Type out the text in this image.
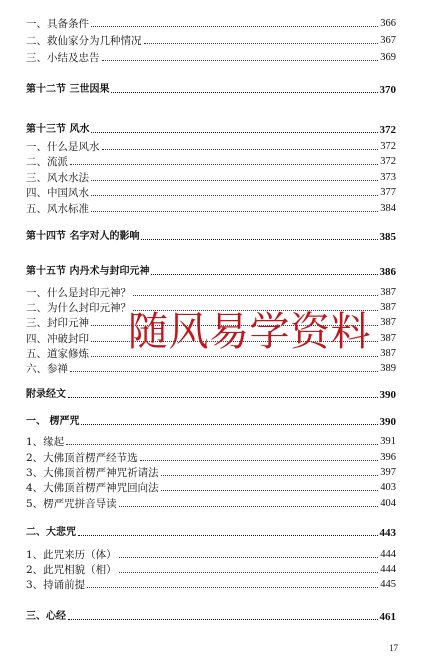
一、具备条件	366
二、救仙家分为几种情况	367
三、小结及忠告	369
第十二节 三世因果	370
第十三节 风水	372
一、什么是风水	372
二、流派	372
三、风水水法	373
四、中国风水	377
五、风水标准	384
第十四节 名字对人的影响	385
第十五节 内丹术与封印元神	386
一、什么是封印元神？	387
二、为什么封印元神？	387
三、封印元神	387
四、冲破封印	387
五、道家修炼	387
六、参禅	389
附录经文	390
一、 楞严咒	390
1、缘起	391
2、大佛顶首楞严经节选	396
3、大佛顶首楞严神咒祈请法	397
4、大佛顶首楞严神咒回向法	403
5、楞严咒拼音导读	404
二、大悲咒	443
1、此咒来历（体）	444
2、此咒相貌（相）	444
3、持诵前提	445
三、心经	461
随风易学资料
17
